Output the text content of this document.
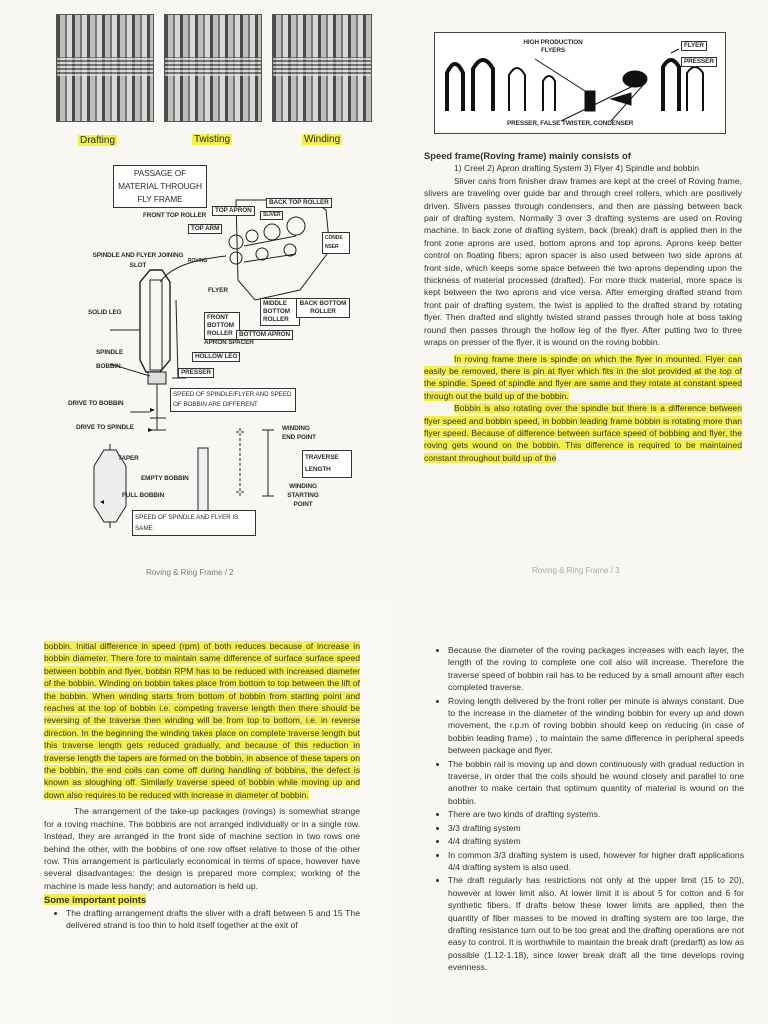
Drafting	Twisting	Winding
PASSAGE OF MATERIAL THROUGH FLY FRAME	BACK TOP ROLLER
TOP APRON
SLIVER
FRONT TOP ROLLER
TOP ARM
CONDE NSER
SPINDLE AND FLYER JOINING SLOT
ROVING
FLYER
SOLID LEG
FRONT BOTTOM ROLLER
MIDDLE BOTTOM ROLLER
BACK BOTTOM ROLLER
BOTTOM APRON
APRON SPACER
HOLLOW LEG
SPINDLE
BOBBIN
PRESSER
DRIVE TO BOBBIN
SPEED OF SPINDLE/FLYER AND SPEED OF BOBBIN ARE DIFFERENT
DRIVE TO SPINDLE	WINDING END POINT
TAPER	TRAVERSE LENGTH
EMPTY BOBBIN
FULL BOBBIN
WINDING STARTING POINT
SPEED OF SPINDLE AND FLYER IS SAME
Roving & Ring Frame / 2
HIGH PRODUCTION FLYERS
FLYER
PRESSER
PRESSER, FALSE TWISTER, CONDENSER

Speed frame(Roving frame) mainly consists of

1) Creel 2) Apron drafting System 3) Flyer 4) Spindle and bobbin

Sliver cans from finisher draw frames are kept at the creel of Roving frame, slivers are traveling over guide bar and through creel rollers, which are positively driven. Slivers passes through condensers, and then are passing between back pair of drafting system. Normally 3 over 3 drafting systems are used on Roving machine. In back zone of drafting system, back (break) draft is applied then in the front zone aprons are used, bottom aprons and top aprons. Aprons keep better control on floating fibers; apron spacer is also used between two side aprons at front side, which keeps some space between the two aprons depending upon the thickness of material processed (drafted). For more thick material, more space is kept between the two aprons and vice versa. After emerging drafted strand from front pair of drafting system, the twist is applied to the drafted strand by rotating flyer. Then drafted and slightly twisted strand passes through hole at boss taking round then passes through the hollow leg of the flyer. After putting two to three wraps on presser of the flyer, it is wound on the roving bobbin.

In roving frame there is spindle on which the flyer in mounted. Flyer can easily be removed, there is pin at flyer which fits in the slot provided at the top of the spindle. Speed of spindle and flyer are same and they rotate at constant speed through out the build up of the bobbin.

Bobbin is also rotating over the spindle but there is a difference between flyer speed and bobbin speed, in bobbin leading frame bobbin is rotating more than flyer speed. Because of difference between surface speed of bobbing and flyer, the roving gets wound on the bobbin. This difference is required to be maintained constant throughout build up of the

Roving & Ring Frame / 3

bobbin. Initial difference in speed (rpm) of both reduces because of increase in bobbin diameter. There fore to maintain same difference of surface surface speed between bobbin and flyer, bobbin RPM has to be reduced with increased diameter of the bobbin. Winding on bobbin takes place from bottom to top between the lift of the bobbin. When winding starts from bottom of bobbin from starting point and reaches at the top of bobbin i.e. competing traverse length then there should be reversing of the traverse then winding will be from top to bottom, i.e. in reverse direction. In the beginning the winding takes place on complete traverse length but this traverse length gets reduced gradually, and because of this reduction in traverse length the tapers are formed on the bobbin, in absence of these tapers on the bobbin, the end coils can come off during handling of bobbins, the defect is known as sloughing off. Similarly traverse speed of bobbin while moving up and down also requires to be reduced with increase in diameter of bobbin.

The arrangement of the take-up packages (rovings) is somewhat strange for a roving machine. The bobbins are not arranged individually or in a single row. Instead, they are arranged in the front side of machine section in two rows one behind the other, with the bobbins of one row offset relative to those of the other row. This arrangement is particularly economical in terms of space, however have several disadvantages: the design is prepared more complex; working of the machine is made less handy; and automation is held up.

Some important points

• The drafting arrangement drafts the sliver with a draft between 5 and 15 The delivered strand is too thin to hold itself together at the exit of
• Because the diameter of the roving packages increases with each layer, the length of the roving to complete one coil also will increase. Therefore the traverse speed of bobbin rail has to be reduced by a small amount after each completed traverse.
• Roving length delivered by the front roller per minute is always constant. Due to the increase in the diameter of the winding bobbin for every up and down movement, the r.p.m of roving bobbin should keep on reducing (in case of bobbin leading frame) , to maintain the same difference in peripheral speeds between package and flyer.
• The bobbin rail is moving up and down continuously with gradual reduction in traverse, in order that the coils should be wound closely and parallel to one another to make certain that optimum quantity of material is wound on the bobbin.
• There are two kinds of drafting systems.
• 3/3 drafting system
• 4/4 drafting system
• In common 3/3 drafting system is used, however for higher draft applications 4/4 drafting system is also used.
• The draft regularly has restrictions not only at the upper limit (15 to 20), however at lower limit also. At lower limit it is about 5 for cotton and 6 for synthetic fibers. If drafts below these lower limits are applied, then the quantity of fiber masses to be moved in drafting system are too large, the drafting resistance turn out to be too great and the drafting operations are not easy to control. It is worthwhile to maintain the break draft (predarft) as low as possible (1.12-1.18), since lower break draft all the time develops roving evenness.
